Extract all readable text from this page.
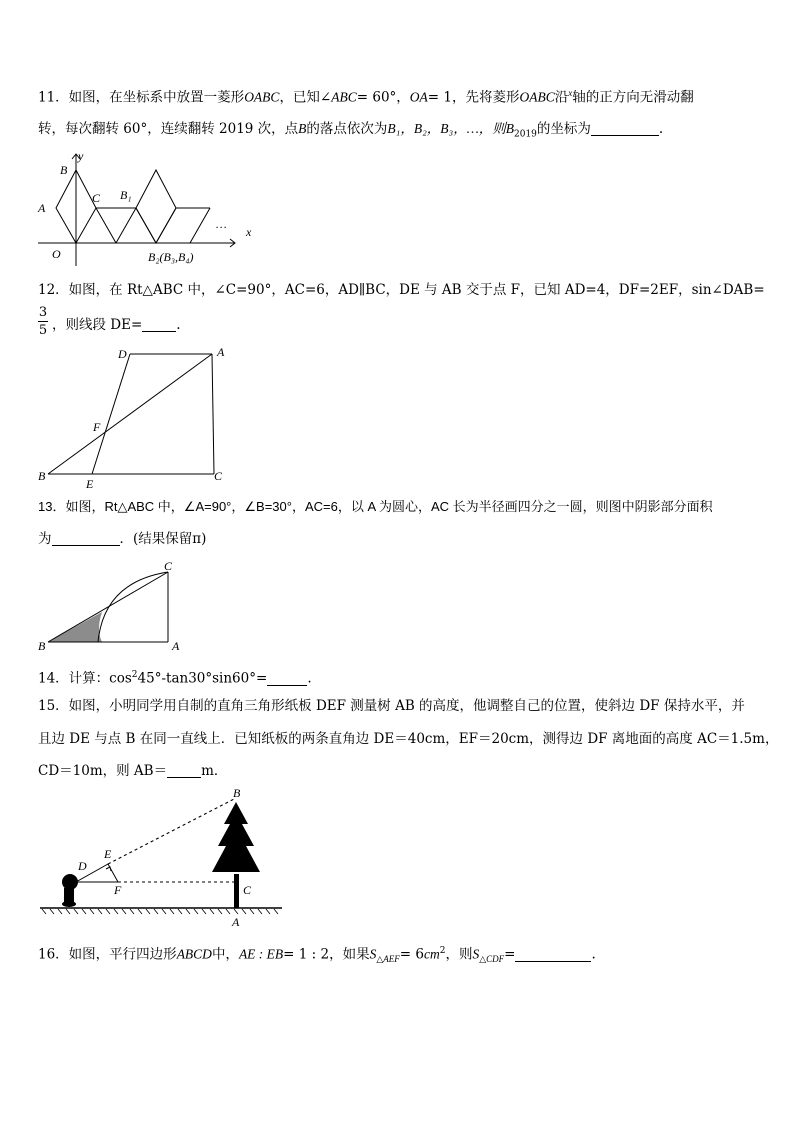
11．如图，在坐标系中放置一菱形OABC，已知∠ABC= 60°，OA= 1，先将菱形OABC沿$^x$轴的正方向无滑动翻
转，每次翻转 60°，连续翻转 2019 次，点B的落点依次为B₁，B₂，B₃，…，则$B_{2019}$的坐标为	.
y
B
A
C B₁
O
…
B₂(B₃,B₄)
x
12．如图，在 Rt△ABC 中，∠C=90°，AC=6，AD∥BC，DE 与 AB 交于点 F，已知 AD=4，DF=2EF，sin∠DAB=
3
5 ，则线段 DE=	.
D	A
F
B
E
C
13．如图，Rt△ABC 中，∠A=90°，∠B=30°，AC=6，以 A 为圆心，AC 长为半径画四分之一圆，则图中阴影部分面积
为	．(结果保留π)
C
B	A
14．计算：$\cos^245^\circ-\tan 30^\circ\sin 60^\circ=$	.
15．如图，小明同学用自制的直角三角形纸板 DEF 测量树 AB 的高度，他调整自己的位置，使斜边 DF 保持水平，并
且边 DE 与点 B 在同一直线上．已知纸板的两条直角边 DE＝40cm，EF＝20cm，测得边 DF 离地面的高度 AC＝1.5m，
CD＝10m，则 AB＝	m．
B
D
E
F	C
A
16．如图，平行四边形ABCD中，AE : EB= 1 : 2，如果$S_{\triangle AEF}= 6cm^2$，则$S_{\triangle CDF}=$	.
